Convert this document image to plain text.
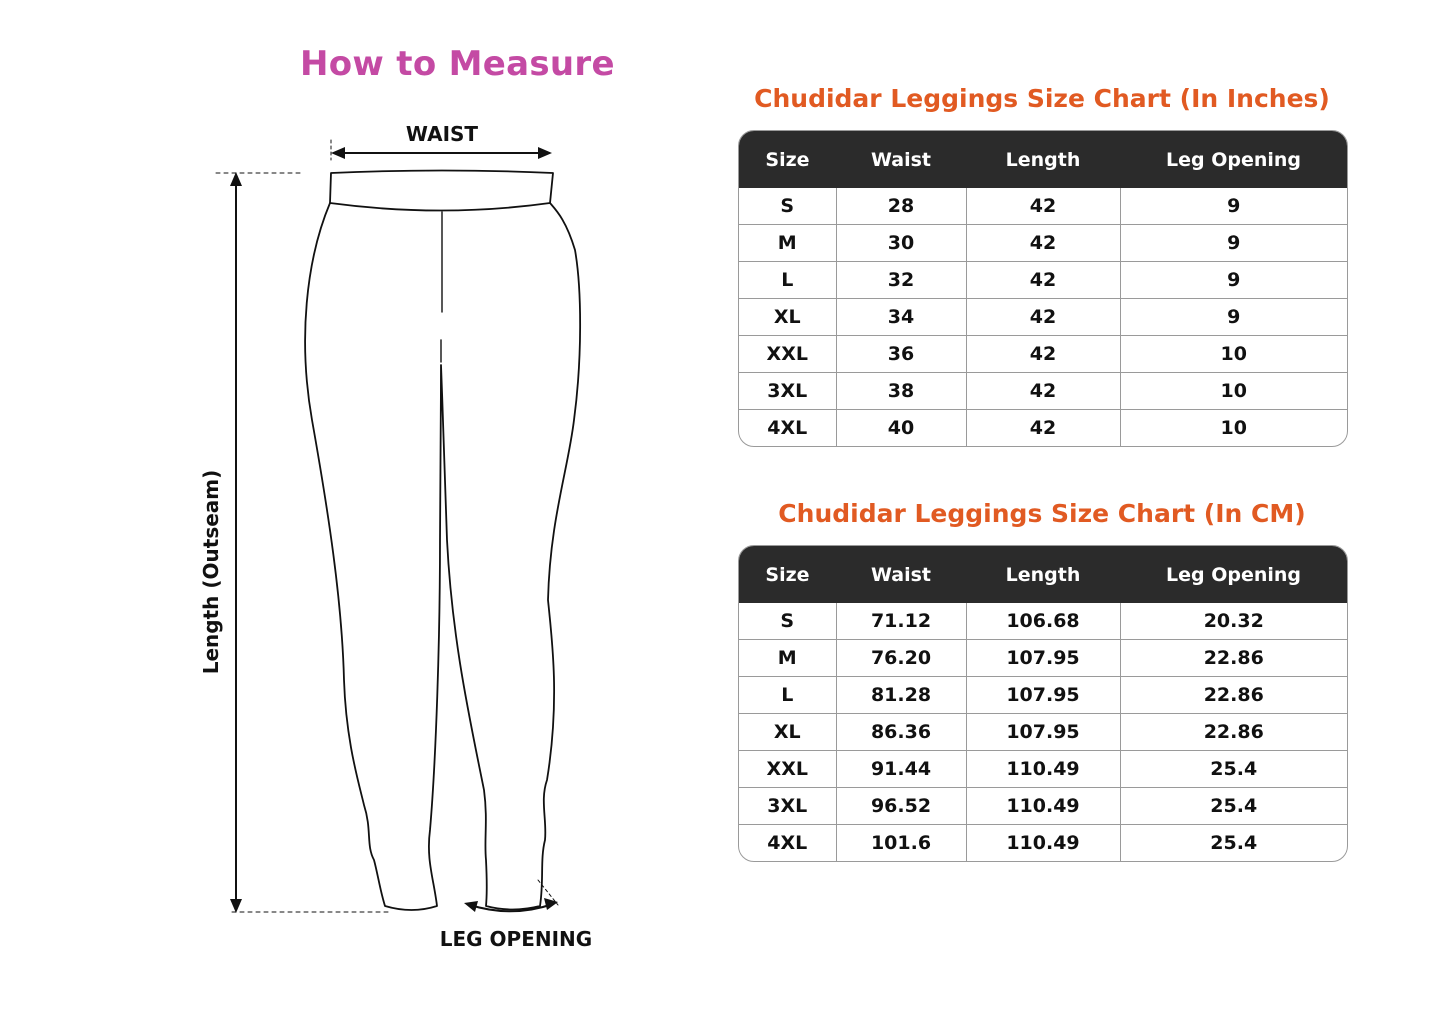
How to Measure
WAIST
Length (Outseam)
LEG OPENING
Chudidar Leggings Size Chart (In Inches)
Size	Waist	Length	Leg Opening
S	28	42	9
M	30	42	9
L	32	42	9
XL	34	42	9
XXL	36	42	10
3XL	38	42	10
4XL	40	42	10
Chudidar Leggings Size Chart (In CM)
Size	Waist	Length	Leg Opening
S	71.12	106.68	20.32
M	76.20	107.95	22.86
L	81.28	107.95	22.86
XL	86.36	107.95	22.86
XXL	91.44	110.49	25.4
3XL	96.52	110.49	25.4
4XL	101.6	110.49	25.4
